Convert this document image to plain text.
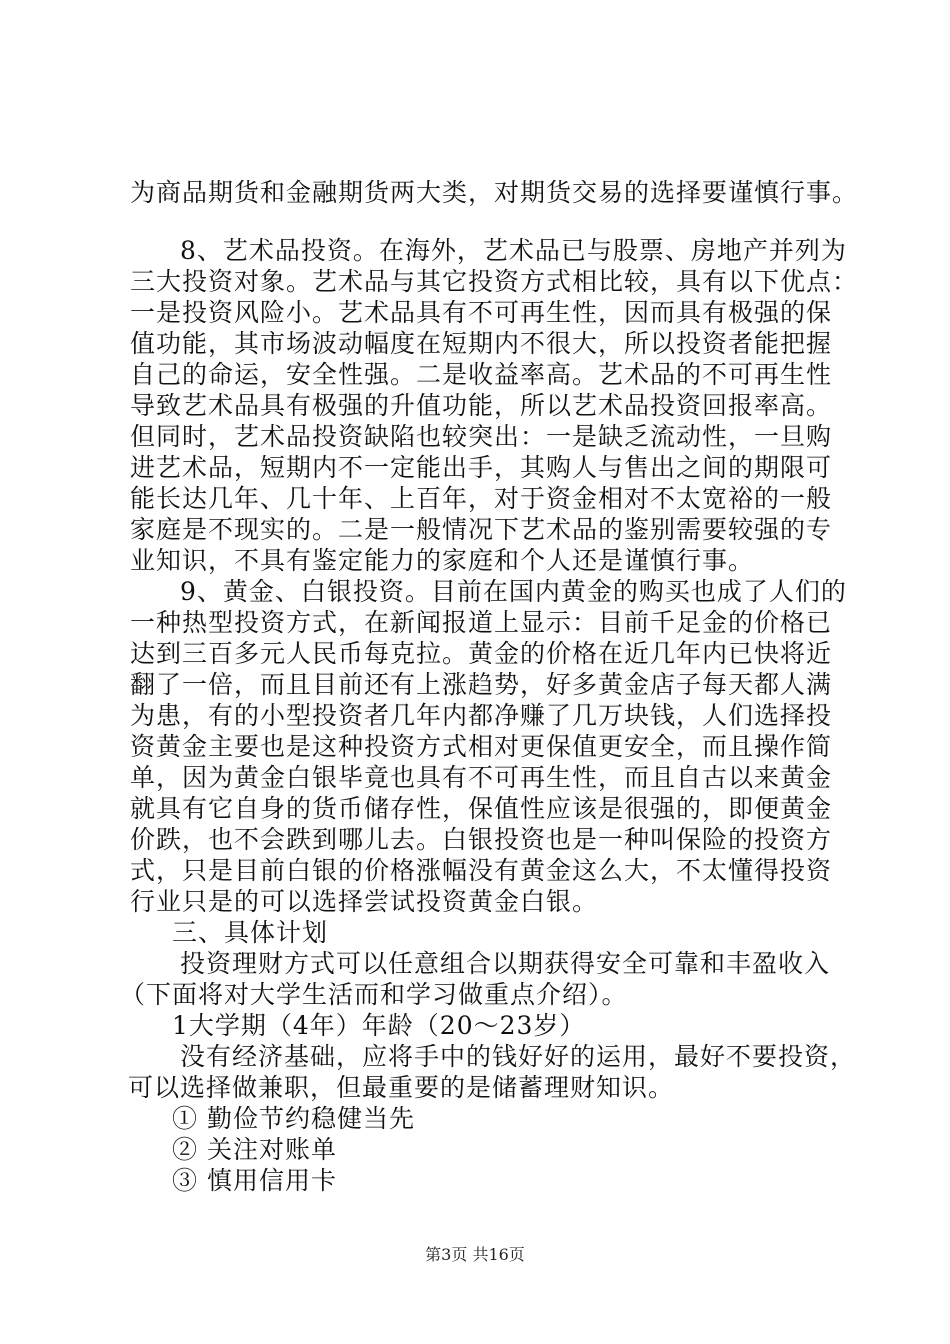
为商品期货和金融期货两大类，对期货交易的选择要谨慎行事。
8、艺术品投资。在海外，艺术品已与股票、房地产并列为
三大投资对象。艺术品与其它投资方式相比较，具有以下优点：
一是投资风险小。艺术品具有不可再生性，因而具有极强的保
值功能，其市场波动幅度在短期内不很大，所以投资者能把握
自己的命运，安全性强。二是收益率高。艺术品的不可再生性
导致艺术品具有极强的升值功能，所以艺术品投资回报率高。
但同时，艺术品投资缺陷也较突出：一是缺乏流动性，一旦购
进艺术品，短期内不一定能出手，其购人与售出之间的期限可
能长达几年、几十年、上百年，对于资金相对不太宽裕的一般
家庭是不现实的。二是一般情况下艺术品的鉴别需要较强的专
业知识，不具有鉴定能力的家庭和个人还是谨慎行事。
9、黄金、白银投资。目前在国内黄金的购买也成了人们的
一种热型投资方式，在新闻报道上显示：目前千足金的价格已
达到三百多元人民币每克拉。黄金的价格在近几年内已快将近
翻了一倍，而且目前还有上涨趋势，好多黄金店子每天都人满
为患，有的小型投资者几年内都净赚了几万块钱，人们选择投
资黄金主要也是这种投资方式相对更保值更安全，而且操作简
单，因为黄金白银毕竟也具有不可再生性，而且自古以来黄金
就具有它自身的货币储存性，保值性应该是很强的，即便黄金
价跌，也不会跌到哪儿去。白银投资也是一种叫保险的投资方
式，只是目前白银的价格涨幅没有黄金这么大，不太懂得投资
行业只是的可以选择尝试投资黄金白银。
三、具体计划
投资理财方式可以任意组合以期获得安全可靠和丰盈收入
（下面将对大学生活而和学习做重点介绍）。
1大学期（4年）年龄（20～23岁）
没有经济基础，应将手中的钱好好的运用，最好不要投资，
可以选择做兼职，但最重要的是储蓄理财知识。
① 勤俭节约稳健当先
② 关注对账单
③ 慎用信用卡
第3页 共16页
